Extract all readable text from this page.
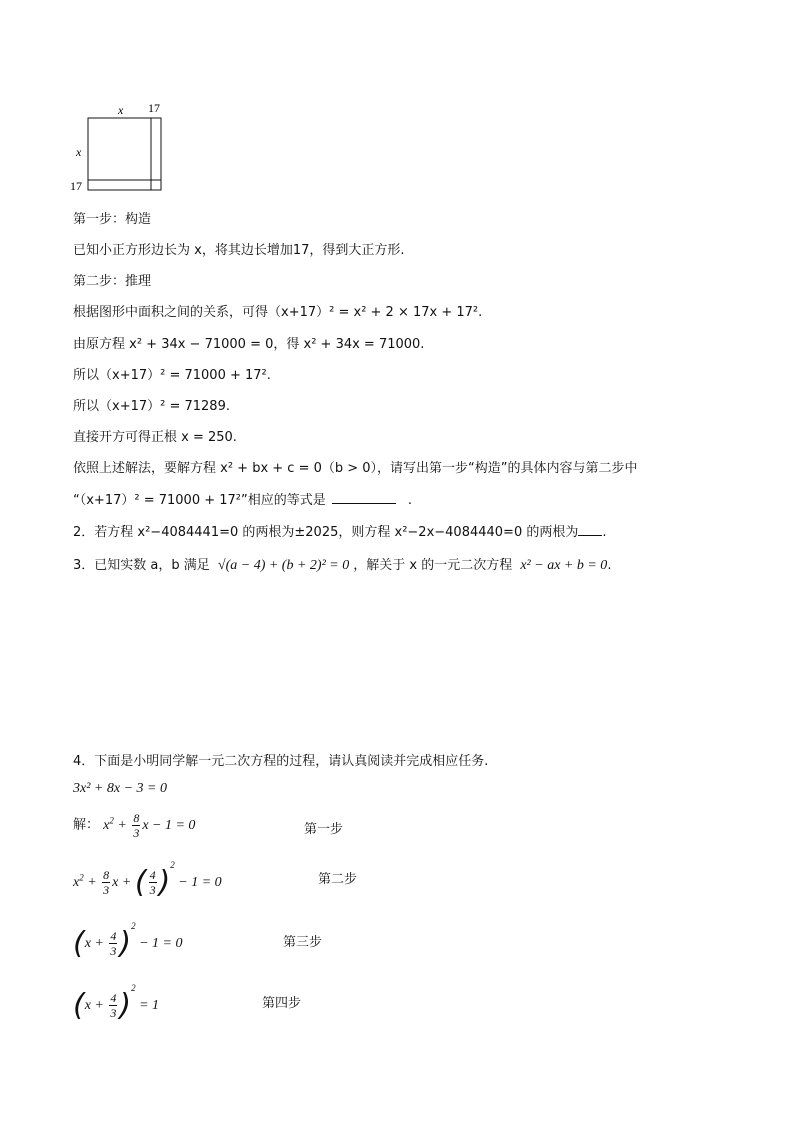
x 17
x
17
第一步：构造
已知小正方形边长为 x，将其边长增加17，得到大正方形.
第二步：推理
根据图形中面积之间的关系，可得（x+17）² = x² + 2 × 17x + 17².
由原方程 x² + 34x − 71000 = 0，得 x² + 34x = 71000.
所以（x+17）² = 71000 + 17².
所以（x+17）² = 71289.
直接开方可得正根 x = 250.
依照上述解法，要解方程 x² + bx + c = 0（b > 0），请写出第一步“构造”的具体内容与第二步中
“（x+17）² = 71000 + 17²”相应的等式是	.
2．若方程 x²−4084441=0 的两根为±2025，则方程 x²−2x−4084440=0 的两根为 .
3．已知实数 a，b 满足 √(a − 4) + (b + 2)² = 0 ，解关于 x 的一元二次方程 x² − ax + b = 0.
4．下面是小明同学解一元二次方程的过程，请认真阅读并完成相应任务.
3x² + 8x − 3 = 0
解： $x^2 + \frac{8}{3}$ x − 1 = 0	第一步
$x^2 + \frac{8}{3}$ x + ( $\frac{4}{3} )^2 - 1 = 0$	第二步
$(x + \frac{4}{3} )^2 - 1 = 0$	第三步
$(x + \frac{4}{3} )^2 = 1$	第四步
